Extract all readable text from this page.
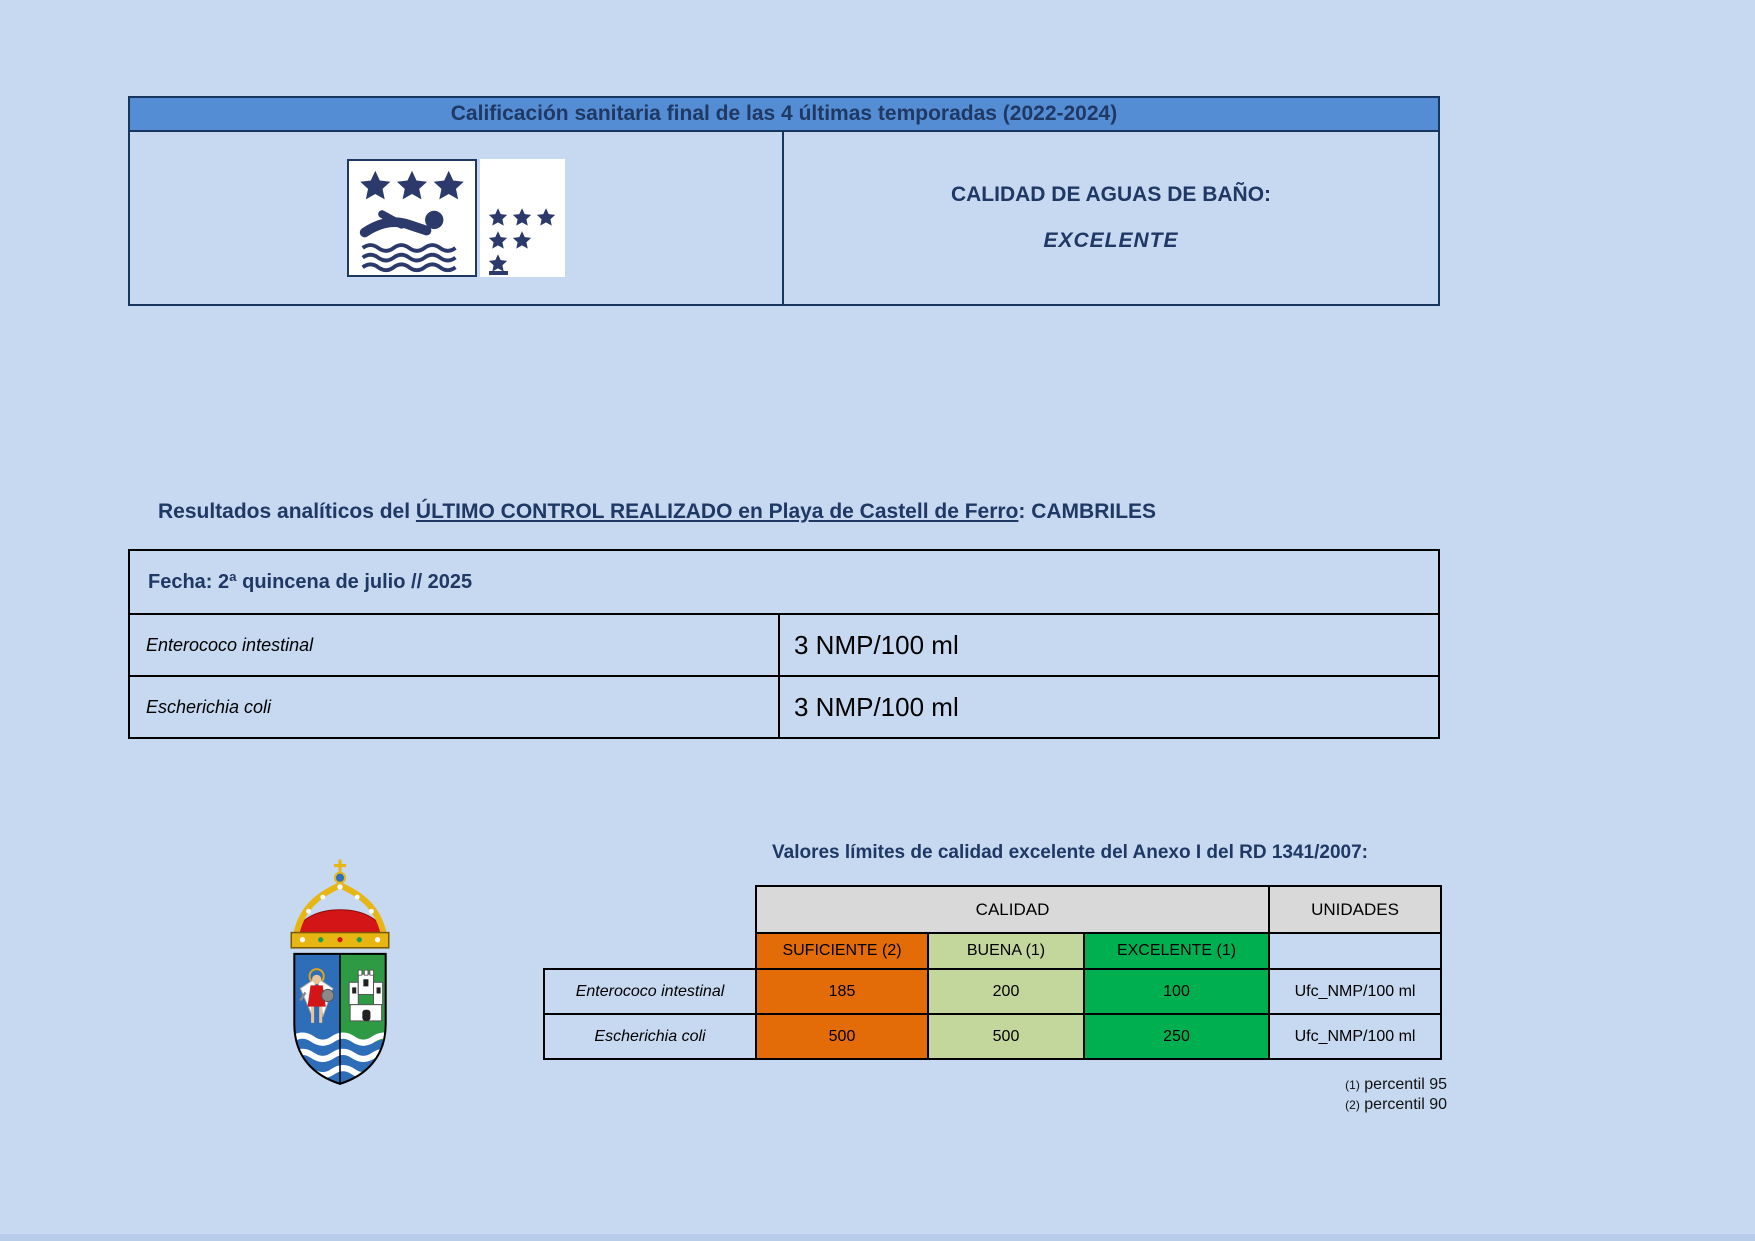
Calificación sanitaria final de las 4 últimas temporadas (2022-2024)
CALIDAD DE AGUAS DE BAÑO:
EXCELENTE
Resultados analíticos del ÚLTIMO CONTROL REALIZADO en Playa de Castell de Ferro: CAMBRILES
Fecha: 2ª quincena de julio // 2025
Enterococo intestinal	3 NMP/100 ml
Escherichia coli	3 NMP/100 ml
Valores límites de calidad excelente del Anexo I del RD 1341/2007:
	CALIDAD			UNIDADES
	SUFICIENTE (2)	BUENA (1)	EXCELENTE (1)	
Enterococo intestinal	185	200	100	Ufc_NMP/100 ml
Escherichia coli	500	500	250	Ufc_NMP/100 ml
(1) percentil 95
(2) percentil 90
